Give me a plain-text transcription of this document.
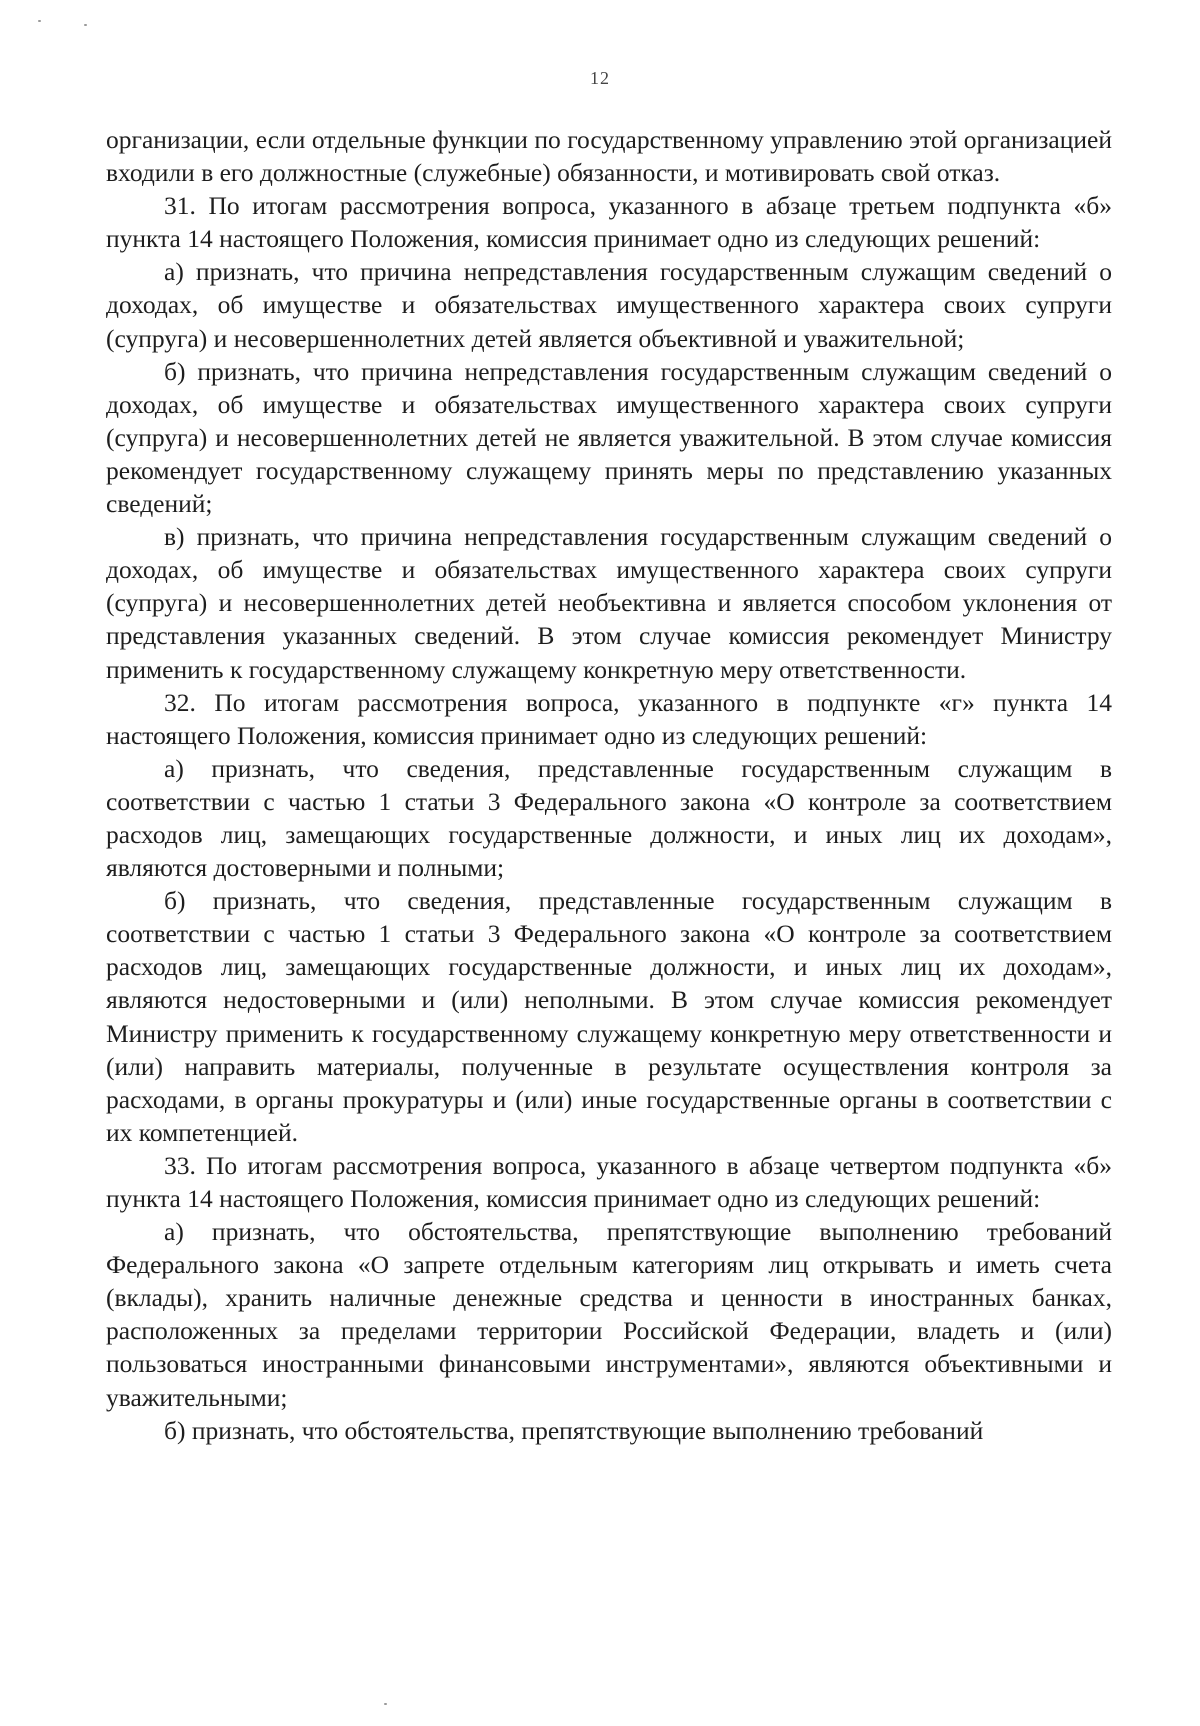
12

организации, если отдельные функции по государственному управлению этой организацией входили в его должностные (служебные) обязанности, и мотивировать свой отказ.

31. По итогам рассмотрения вопроса, указанного в абзаце третьем подпункта «б» пункта 14 настоящего Положения, комиссия принимает одно из следующих решений:

а) признать, что причина непредставления государственным служащим сведений о доходах, об имуществе и обязательствах имущественного характера своих супруги (супруга) и несовершеннолетних детей является объективной и уважительной;

б) признать, что причина непредставления государственным служащим сведений о доходах, об имуществе и обязательствах имущественного характера своих супруги (супруга) и несовершеннолетних детей не является уважительной. В этом случае комиссия рекомендует государственному служащему принять меры по представлению указанных сведений;

в) признать, что причина непредставления государственным служащим сведений о доходах, об имуществе и обязательствах имущественного характера своих супруги (супруга) и несовершеннолетних детей необъективна и является способом уклонения от представления указанных сведений. В этом случае комиссия рекомендует Министру применить к государственному служащему конкретную меру ответственности.

32. По итогам рассмотрения вопроса, указанного в подпункте «г» пункта 14 настоящего Положения, комиссия принимает одно из следующих решений:

а) признать, что сведения, представленные государственным служащим в соответствии с частью 1 статьи 3 Федерального закона «О контроле за соответствием расходов лиц, замещающих государственные должности, и иных лиц их доходам», являются достоверными и полными;

б) признать, что сведения, представленные государственным служащим в соответствии с частью 1 статьи 3 Федерального закона «О контроле за соответствием расходов лиц, замещающих государственные должности, и иных лиц их доходам», являются недостоверными и (или) неполными. В этом случае комиссия рекомендует Министру применить к государственному служащему конкретную меру ответственности и (или) направить материалы, полученные в результате осуществления контроля за расходами, в органы прокуратуры и (или) иные государственные органы в соответствии с их компетенцией.

33. По итогам рассмотрения вопроса, указанного в абзаце четвертом подпункта «б» пункта 14 настоящего Положения, комиссия принимает одно из следующих решений:

а) признать, что обстоятельства, препятствующие выполнению требований Федерального закона «О запрете отдельным категориям лиц открывать и иметь счета (вклады), хранить наличные денежные средства и ценности в иностранных банках, расположенных за пределами территории Российской Федерации, владеть и (или) пользоваться иностранными финансовыми инструментами», являются объективными и уважительными;

б) признать, что обстоятельства, препятствующие выполнению требований
